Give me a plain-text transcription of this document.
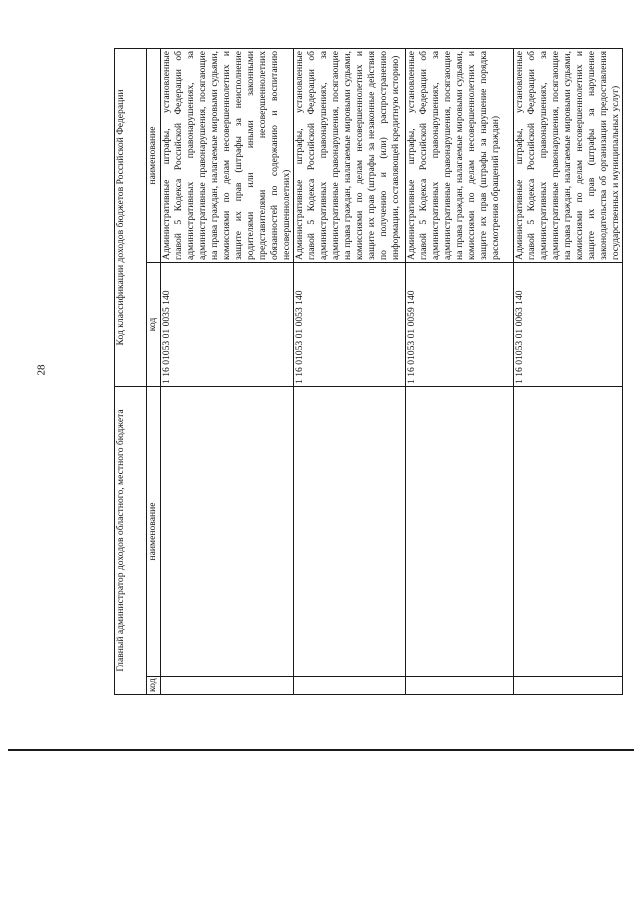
28
Главный администратор доходов областного, местного бюджета		Код классификации доходов бюджетов Российской Федерации	
код	наименование	код	наименование
		1 16 01053 01 0035 140	Административные штрафы, установленные главой 5 Кодекса Российской Федерации об административных правонарушениях, за административные правонарушения, посягающие на права граждан, налагаемые мировыми судьями, комиссиями по делам несовершеннолетних и защите их прав (штрафы за неисполнение родителями или иными законными представителями несовершеннолетних обязанностей по содержанию и воспитанию несовершеннолетних)
		1 16 01053 01 0053 140	Административные штрафы, установленные главой 5 Кодекса Российской Федерации об административных правонарушениях, за административные правонарушения, посягающие на права граждан, налагаемые мировыми судьями, комиссиями по делам несовершеннолетних и защите их прав (штрафы за незаконные действия по получению и (или) распространению информации, составляющей кредитную историю)
		1 16 01053 01 0059 140	Административные штрафы, установленные главой 5 Кодекса Российской Федерации об административных правонарушениях, за административные правонарушения, посягающие на права граждан, налагаемые мировыми судьями, комиссиями по делам несовершеннолетних и защите их прав (штрафы за нарушение порядка рассмотрения обращений граждан)
		1 16 01053 01 0063 140	Административные штрафы, установленные главой 5 Кодекса Российской Федерации об административных правонарушениях, за административные правонарушения, посягающие на права граждан, налагаемые мировыми судьями, комиссиями по делам несовершеннолетних и защите их прав (штрафы за нарушение законодательства об организации предоставления государственных и муниципальных услуг)
